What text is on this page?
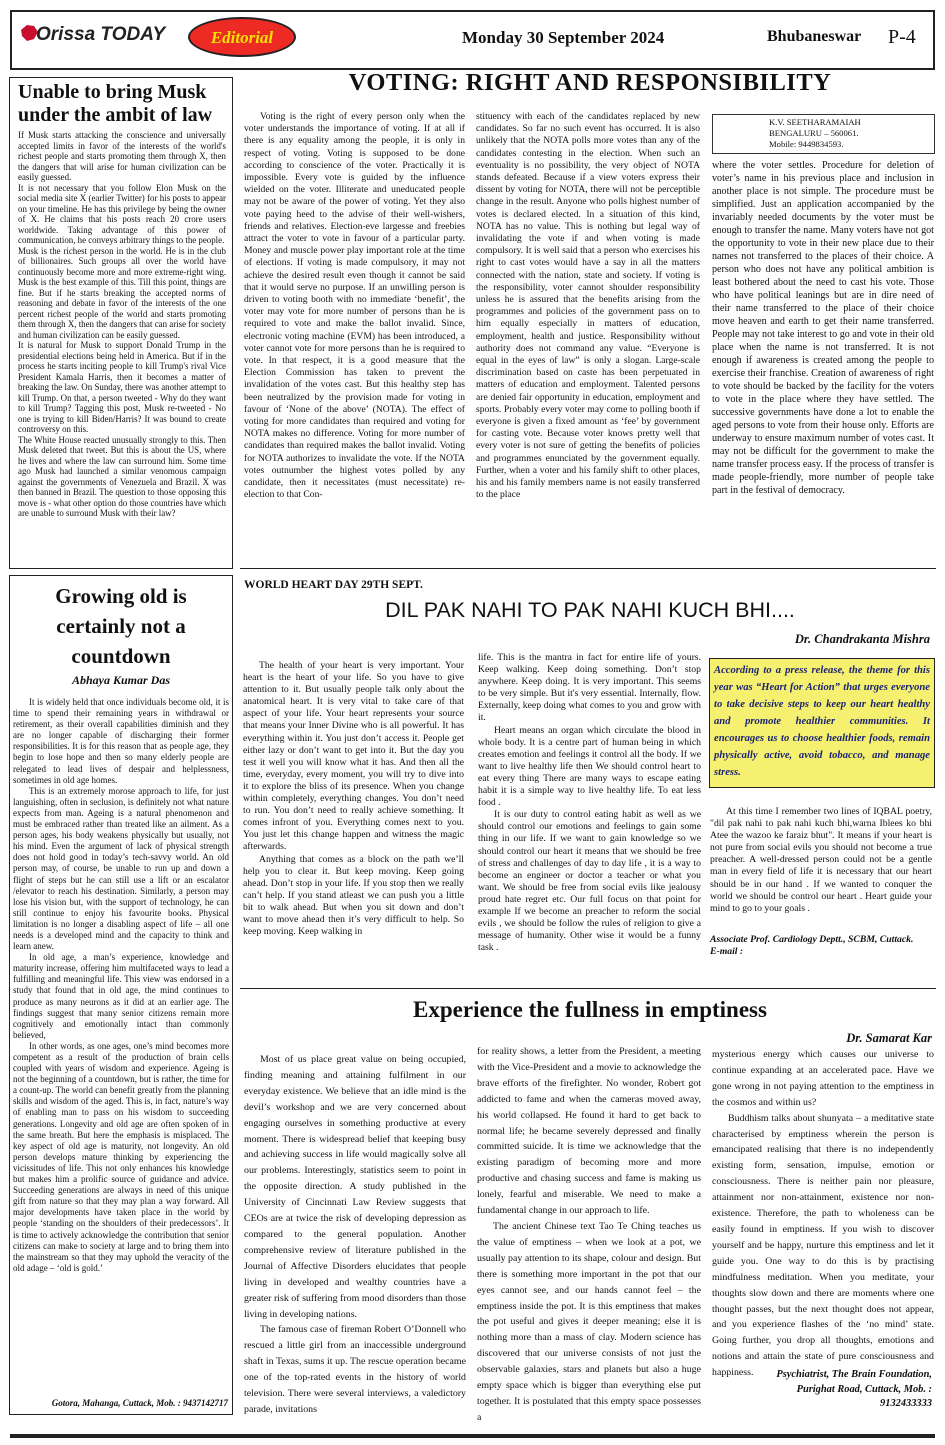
Orissa TODAY	Editorial	Monday 30 September 2024	Bhubaneswar P-4
VOTING: RIGHT AND RESPONSIBILITY
Unable to bring Musk under the ambit of law

If Musk starts attacking the conscience and universally accepted limits in favor of the interests of the world's richest people and starts promoting them through X, then the dangers that will arise for human civilization can be easily guessed.

It is not necessary that you follow Elon Musk on the social media site X (earlier Twitter) for his posts to appear on your timeline. He has this privilege by being the owner of X. He claims that his posts reach 20 crore users worldwide. Taking advantage of this power of communication, he conveys arbitrary things to the people.

Musk is the richest person in the world. He is in the club of billionaires. Such groups all over the world have continuously become more and more extreme-right wing. Musk is the best example of this. Till this point, things are fine. But if he starts breaking the accepted norms of reasoning and debate in favor of the interests of the one percent richest people of the world and starts promoting them through X, then the dangers that can arise for society and human civilization can be easily guessed.

It is natural for Musk to support Donald Trump in the presidential elections being held in America. But if in the process he starts inciting people to kill Trump's rival Vice President Kamala Harris, then it becomes a matter of breaking the law. On Sunday, there was another attempt to kill Trump. On that, a person tweeted - Why do they want to kill Trump? Tagging this post, Musk re-tweeted - No one is trying to kill Biden/Harris? It was bound to create controversy on this.

The White House reacted unusually strongly to this. Then Musk deleted that tweet. But this is about the US, where he lives and where the law can surround him. Some time ago Musk had launched a similar venomous campaign against the governments of Venezuela and Brazil. X was then banned in Brazil. The question to those opposing this move is - what other option do those countries have which are unable to surround Musk with their law?

Voting is the right of every person only when the voter understands the importance of voting. If at all if there is any equality among the people, it is only in respect of voting. Voting is supposed to be done according to conscience of the voter. Practically it is impossible. Every vote is guided by the influence wielded on the voter. Illiterate and uneducated people may not be aware of the power of voting. Yet they also vote paying heed to the advise of their well-wishers, friends and relatives. Election-eve largesse and freebies attract the voter to vote in favour of a particular party. Money and muscle power play important role at the time of elections. If voting is made compulsory, it may not achieve the desired result even though it cannot be said that it would serve no purpose. If an unwilling person is driven to voting booth with no immediate ‘benefit’, the voter may vote for more number of persons than he is required to vote and make the ballot invalid. Since, electronic voting machine (EVM) has been introduced, a voter cannot vote for more persons than he is required to vote. In that respect, it is a good measure that the Election Commission has taken to prevent the invalidation of the votes cast. But this healthy step has been neutralized by the provision made for voting in favour of ‘None of the above’ (NOTA). The effect of voting for more candidates than required and voting for NOTA makes no difference. Voting for more number of candidates than required makes the ballot invalid. Voting for NOTA authorizes to invalidate the vote. If the NOTA votes outnumber the highest votes polled by any candidate, then it necessitates (must necessitate) re-election to that Con-

stituency with each of the candidates replaced by new candidates. So far no such event has occurred. It is also unlikely that the NOTA polls more votes than any of the candidates contesting in the election. When such an eventuality is no possibility, the very object of NOTA stands defeated. Because if a view voters express their dissent by voting for NOTA, there will not be perceptible change in the result. Anyone who polls highest number of votes is declared elected. In a situation of this kind, NOTA has no value. This is nothing but legal way of invalidating the vote if and when voting is made compulsory. It is well said that a person who exercises his right to cast votes would have a say in all the matters connected with the nation, state and society. If voting is the responsibility, voter cannot shoulder responsibility unless he is assured that the benefits arising from the programmes and policies of the government pass on to him equally especially in matters of education, employment, health and justice. Responsibility without authority does not command any value. “Everyone is equal in the eyes of law” is only a slogan. Large-scale discrimination based on caste has been perpetuated in matters of education and employment. Talented persons are denied fair opportunity in education, employment and sports. Probably every voter may come to polling booth if everyone is given a fixed amount as ‘fee’ by government for casting vote. Because voter knows pretty well that every voter is not sure of getting the benefits of policies and programmes enunciated by the government equally. Further, when a voter and his family shift to other places, his and his family members name is not easily transferred to the place

K.V. SEETHARAMAIAH
BENGALURU – 560061.
Mobile: 9449834593.

where the voter settles. Procedure for deletion of voter’s name in his previous place and inclusion in another place is not simple. The procedure must be simplified. Just an application accompanied by the invariably needed documents by the voter must be enough to transfer the name. Many voters have not got the opportunity to vote in their new place due to their names not transferred to the places of their choice. A person who does not have any political ambition is least bothered about the need to cast his vote. Those who have political leanings but are in dire need of their name transferred to the place of their choice move heaven and earth to get their name transferred. People may not take interest to go and vote in their old place when the name is not transferred. It is not enough if awareness is created among the people to exercise their franchise. Creation of awareness of right to vote should be backed by the facility for the voters to vote in the place where they have settled. The successive governments have done a lot to enable the aged persons to vote from their house only. Efforts are underway to ensure maximum number of votes cast. It may not be difficult for the government to make the name transfer process easy. If the process of transfer is made people-friendly, more number of people take part in the festival of democracy.

Growing old is certainly not a countdown
Abhaya Kumar Das

It is widely held that once individuals become old, it is time to spend their remaining years in withdrawal or retirement, as their overall capabilities diminish and they are no longer capable of discharging their former responsibilities. It is for this reason that as people age, they begin to lose hope and then so many elderly people are relegated to lead lives of despair and helplessness, sometimes in old age homes.

This is an extremely morose approach to life, for just languishing, often in seclusion, is definitely not what nature expects from man. Ageing is a natural phenomenon and must be embraced rather than treated like an ailment. As a person ages, his body weakens physically but usually, not his mind. Even the argument of lack of physical strength does not hold good in today’s tech-savvy world. An old person may, of course, be unable to run up and down a flight of steps but he can still use a lift or an escalator /elevator to reach his destination. Similarly, a person may lose his vision but, with the support of technology, he can still continue to enjoy his favourite books. Physical limitation is no longer a disabling aspect of life – all one needs is a developed mind and the capacity to think and learn anew.

In old age, a man’s experience, knowledge and maturity increase, offering him multifaceted ways to lead a fulfilling and meaningful life. This view was endorsed in a study that found that in old age, the mind continues to produce as many neurons as it did at an earlier age. The findings suggest that many senior citizens remain more cognitively and emotionally intact than commonly believed,

In other words, as one ages, one’s mind becomes more competent as a result of the production of brain cells coupled with years of wisdom and experience. Ageing is not the beginning of a countdown, but is rather, the time for a count-up. The world can benefit greatly from the planning skills and wisdom of the aged. This is, in fact, nature’s way of enabling man to pass on his wisdom to succeeding generations. Longevity and old age are often spoken of in the same breath. But here the emphasis is misplaced. The key aspect of old age is maturity, not longevity. An old person develops mature thinking by experiencing the vicissitudes of life. This not only enhances his knowledge but makes him a prolific source of guidance and advice. Succeeding generations are always in need of this unique gift from nature so that they may plan a way forward. All major developments have taken place in the world by people ‘standing on the shoulders of their predecessors’. It is time to actively acknowledge the contribution that senior citizens can make to society at large and to bring them into the mainstream so that they may uphold the veracity of the old adage – ‘old is gold.’

Gotora, Mahanga, Cuttack, Mob. : 9437142717
WORLD HEART DAY 29TH SEPT.
DIL PAK NAHI TO PAK NAHI KUCH BHI....
Dr. Chandrakanta Mishra

The health of your heart is very important. Your heart is the heart of your life. So you have to give attention to it. But usually people talk only about the anatomical heart. It is very vital to take care of that aspect of your life. Your heart represents your source that means your Inner Divine who is all powerful. It has everything within it. You just don’t access it. People get either lazy or don’t want to get into it. But the day you test it well you will know what it has. And then all the time, everyday, every moment, you will try to dive into it to explore the bliss of its presence. When you change within completely, everything changes. You don’t need to run. You don’t need to really achieve something. It comes infront of you. Everything comes next to you. You just let this change happen and witness the magic afterwards.

Anything that comes as a block on the path we’ll help you to clear it. But keep moving. Keep going ahead. Don’t stop in your life. If you stop then we really can’t help. If you stand atleast we can push you a little bit to walk ahead. But when you sit down and don’t want to move ahead then it’s very difficult to help. So keep moving. Keep walking in

life. This is the mantra in fact for entire life of yours. Keep walking. Keep doing something. Don’t stop anywhere. Keep doing. It is very important. This seems to be very simple. But it's very essential. Internally, flow. Externally, keep doing what comes to you and grow with it.

Heart means an organ which circulate the blood in whole body. It is a centre part of human being in which creates emotion and feelings it control all the body. If we want to live healthy life then We should control heart to eat every thing There are many ways to escape eating habit it is a simple way to live healthy life. To eat less food .

It is our duty to control eating habit as well as we should control our emotions and feelings to gain some thing in our life. If we want to gain knowledge so we should control our heart it means that we should be free of stress and challenges of day to day life , it is a way to become an engineer or doctor a teacher or what you want. We should be free from social evils like jealousy proud hate regret etc. Our full focus on that point for example If we become an preacher to reform the social evils , we should be follow the rules of religion to give a message of humanity. Other wise it would be a funny task .

According to a press release, the theme for this year was “Heart for Action” that urges everyone to take decisive steps to keep our heart healthy and promote healthier communities. It encourages us to choose healthier foods, remain physically active, avoid tobacco, and manage stress.

At this time I remember two lines of IQBAL poetry, "dil pak nahi to pak nahi kuch bhi,warna Iblees ko bhi Atee the wazoo ke faraiz bhut". It means if your heart is not pure from social evils you should not become a true preacher. A well-dressed person could not be a gentle man in every field of life it is necessary that our heart should be in our hand . If we wanted to conquer the world we should be control our heart . Heart guide your mind to go to your goals .

Associate Prof. Cardiology Deptt., SCBM, Cuttack.
E-mail :
Experience the fullness in emptiness
Dr. Samarat Kar

Most of us place great value on being occupied, finding meaning and attaining fulfilment in our everyday existence. We believe that an idle mind is the devil’s workshop and we are very concerned about engaging ourselves in something productive at every moment. There is widespread belief that keeping busy and achieving success in life would magically solve all our problems. Interestingly, statistics seem to point in the opposite direction. A study published in the University of Cincinnati Law Review suggests that CEOs are at twice the risk of developing depression as compared to the general population. Another comprehensive review of literature published in the Journal of Affective Disorders elucidates that people living in developed and wealthy countries have a greater risk of suffering from mood disorders than those living in developing nations.

The famous case of fireman Robert O’Donnell who rescued a little girl from an inaccessible underground shaft in Texas, sums it up. The rescue operation became one of the top-rated events in the history of world television. There were several interviews, a valedictory parade, invitations

for reality shows, a letter from the President, a meeting with the Vice-President and a movie to acknowledge the brave efforts of the firefighter. No wonder, Robert got addicted to fame and when the cameras moved away, his world collapsed. He found it hard to get back to normal life; he became severely depressed and finally committed suicide. It is time we acknowledge that the existing paradigm of becoming more and more productive and chasing success and fame is making us lonely, fearful and miserable. We need to make a fundamental change in our approach to life.

The ancient Chinese text Tao Te Ching teaches us the value of emptiness – when we look at a pot, we usually pay attention to its shape, colour and design. But there is something more important in the pot that our eyes cannot see, and our hands cannot feel – the emptiness inside the pot. It is this emptiness that makes the pot useful and gives it deeper meaning; else it is nothing more than a mass of clay. Modern science has discovered that our universe consists of not just the observable galaxies, stars and planets but also a huge empty space which is bigger than everything else put together. It is postulated that this empty space possesses a

mysterious energy which causes our universe to continue expanding at an accelerated pace. Have we gone wrong in not paying attention to the emptiness in the cosmos and within us?

Buddhism talks about shunyata – a meditative state characterised by emptiness wherein the person is emancipated realising that there is no independently existing form, sensation, impulse, emotion or consciousness. There is neither pain nor pleasure, attainment nor non-attainment, existence nor non-existence. Therefore, the path to wholeness can be easily found in emptiness. If you wish to discover yourself and be happy, nurture this emptiness and let it guide you. One way to do this is by practising mindfulness meditation. When you meditate, your thoughts slow down and there are moments where one thought passes, but the next thought does not appear, and you experience flashes of the ‘no mind’ state. Going further, you drop all thoughts, emotions and notions and attain the state of pure consciousness and happiness.	Psychiatrist, The Brain Foundation,
Purighat Road, Cuttack, Mob. :
9132433333
